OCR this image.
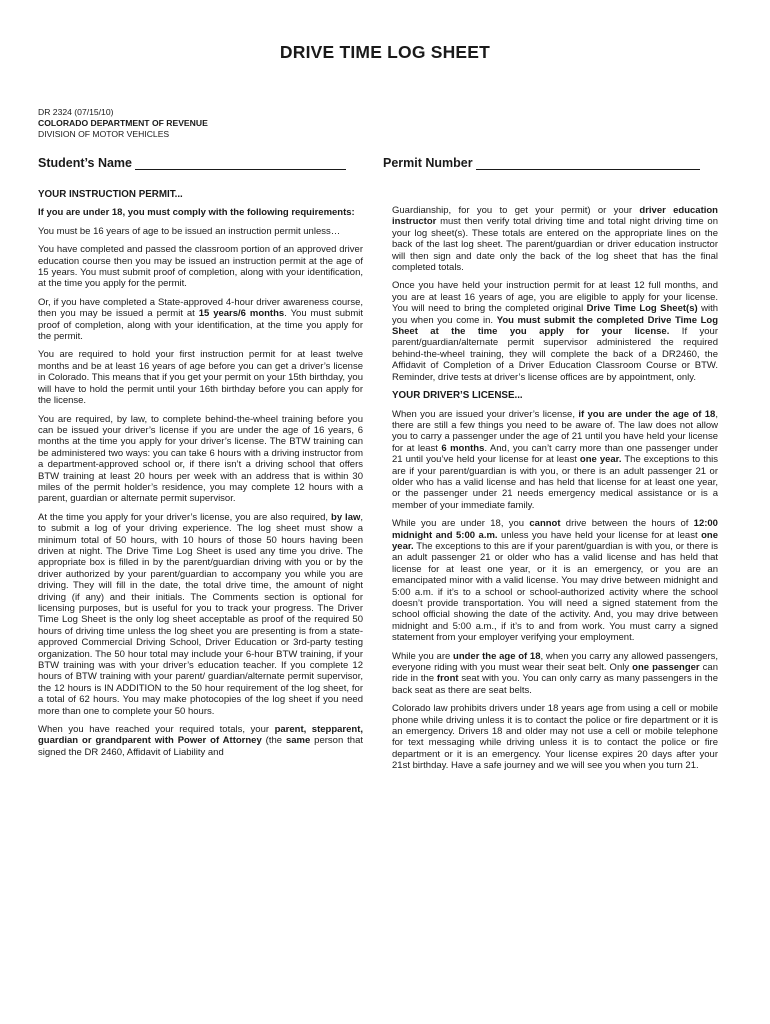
DRIVE TIME LOG SHEET
DR 2324 (07/15/10)
COLORADO DEPARTMENT OF REVENUE
DIVISION OF MOTOR VEHICLES
Student’s Name	Permit Number
YOUR INSTRUCTION PERMIT...

If you are under 18, you must comply with the following requirements:

You must be 16 years of age to be issued an instruction permit unless…

You have completed and passed the classroom portion of an approved driver education course then you may be issued an instruction permit at the age of 15 years. You must submit proof of completion, along with your identification, at the time you apply for the permit.

Or, if you have completed a State-approved 4-hour driver awareness course, then you may be issued a permit at 15 years/6 months. You must submit proof of completion, along with your identification, at the time you apply for the permit.

You are required to hold your first instruction permit for at least twelve months and be at least 16 years of age before you can get a driver’s license in Colorado. This means that if you get your permit on your 15th birthday, you will have to hold the permit until your 16th birthday before you can apply for the license.

You are required, by law, to complete behind-the-wheel training before you can be issued your driver’s license if you are under the age of 16 years, 6 months at the time you apply for your driver’s license. The BTW training can be administered two ways: you can take 6 hours with a driving instructor from a department-approved school or, if there isn’t a driving school that offers BTW training at least 20 hours per week with an address that is within 30 miles of the permit holder’s residence, you may complete 12 hours with a parent, guardian or alternate permit supervisor.

At the time you apply for your driver’s license, you are also required, by law, to submit a log of your driving experience. The log sheet must show a minimum total of 50 hours, with 10 hours of those 50 hours having been driven at night. The Drive Time Log Sheet is used any time you drive. The appropriate box is filled in by the parent/guardian driving with you or by the driver authorized by your parent/guardian to accompany you while you are driving. They will fill in the date, the total drive time, the amount of night driving (if any) and their initials. The Comments section is optional for licensing purposes, but is useful for you to track your progress. The Driver Time Log Sheet is the only log sheet acceptable as proof of the required 50 hours of driving time unless the log sheet you are presenting is from a state-approved Commercial Driving School, Driver Education or 3rd-party testing organization. The 50 hour total may include your 6-hour BTW training, if your BTW training was with your driver’s education teacher. If you complete 12 hours of BTW training with your parent/ guardian/alternate permit supervisor, the 12 hours is IN ADDITION to the 50 hour requirement of the log sheet, for a total of 62 hours. You may make photocopies of the log sheet if you need more than one to complete your 50 hours.

When you have reached your required totals, your parent, stepparent, guardian or grandparent with Power of Attorney (the same person that signed the DR 2460, Affidavit of Liability and

Guardianship, for you to get your permit) or your driver education instructor must then verify total driving time and total night driving time on your log sheet(s). These totals are entered on the appropriate lines on the back of the last log sheet. The parent/guardian or driver education instructor will then sign and date only the back of the log sheet that has the final completed totals.

Once you have held your instruction permit for at least 12 full months, and you are at least 16 years of age, you are eligible to apply for your license. You will need to bring the completed original Drive Time Log Sheet(s) with you when you come in. You must submit the completed Drive Time Log Sheet at the time you apply for your license. If your parent/guardian/alternate permit supervisor administered the required behind-the-wheel training, they will complete the back of a DR2460, the Affidavit of Completion of a Driver Education Classroom Course or BTW. Reminder, drive tests at driver’s license offices are by appointment, only.

YOUR DRIVER’S LICENSE...

When you are issued your driver’s license, if you are under the age of 18, there are still a few things you need to be aware of. The law does not allow you to carry a passenger under the age of 21 until you have held your license for at least 6 months. And, you can’t carry more than one passenger under 21 until you’ve held your license for at least one year. The exceptions to this are if your parent/guardian is with you, or there is an adult passenger 21 or older who has a valid license and has held that license for at least one year, or the passenger under 21 needs emergency medical assistance or is a member of your immediate family.

While you are under 18, you cannot drive between the hours of 12:00 midnight and 5:00 a.m. unless you have held your license for at least one year. The exceptions to this are if your parent/guardian is with you, or there is an adult passenger 21 or older who has a valid license and has held that license for at least one year, or it is an emergency, or you are an emancipated minor with a valid license. You may drive between midnight and 5:00 a.m. if it’s to a school or school-authorized activity where the school doesn’t provide transportation. You will need a signed statement from the school official showing the date of the activity. And, you may drive between midnight and 5:00 a.m., if it’s to and from work. You must carry a signed statement from your employer verifying your employment.

While you are under the age of 18, when you carry any allowed passengers, everyone riding with you must wear their seat belt. Only one passenger can ride in the front seat with you. You can only carry as many passengers in the back seat as there are seat belts.

Colorado law prohibits drivers under 18 years age from using a cell or mobile phone while driving unless it is to contact the police or fire department or it is an emergency. Drivers 18 and older may not use a cell or mobile telephone for text messaging while driving unless it is to contact the police or fire department or it is an emergency. Your license expires 20 days after your 21st birthday. Have a safe journey and we will see you when you turn 21.
